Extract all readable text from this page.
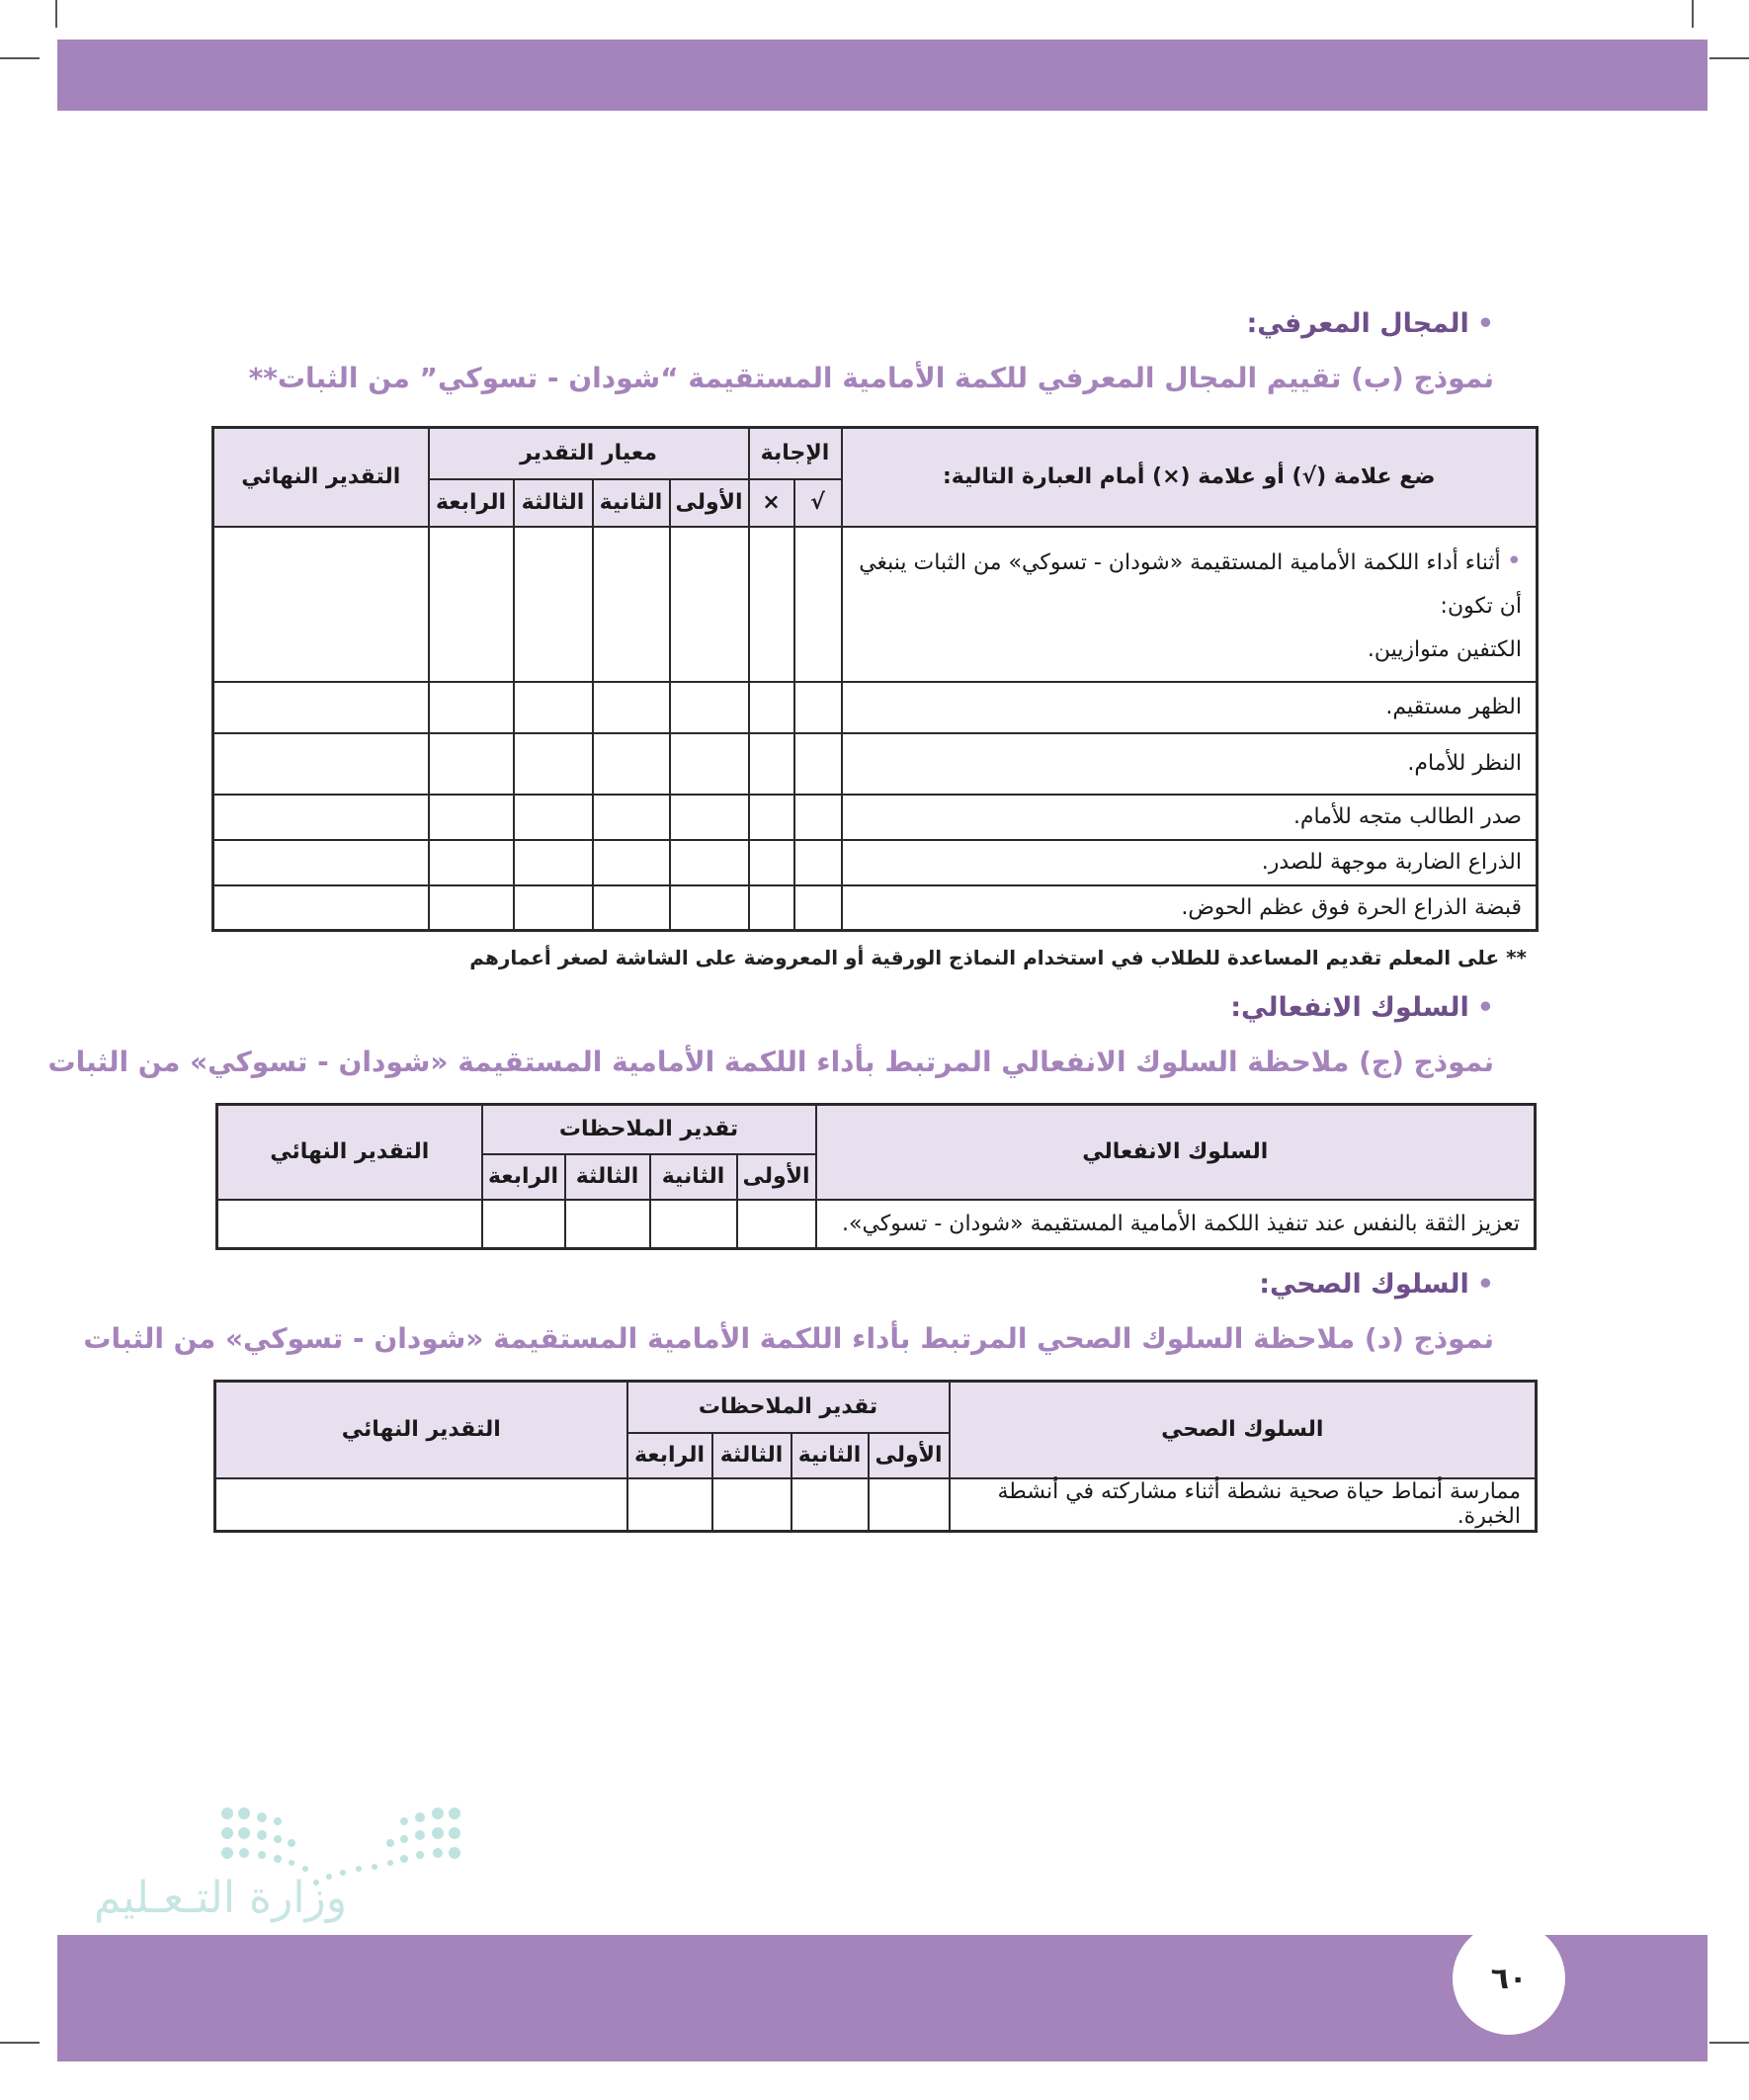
٦٠
•المجال المعرفي:
نموذج (ب) تقييم المجال المعرفي للكمة الأمامية المستقيمة “شودان - تسوكي” من الثبات**
ضع علامة (√) أو علامة (×) أمام العبارة التالية:	الإجابة		معيار التقدير				التقدير النهائي
	√	×	الأولى	الثانية	الثالثة	الرابعة	

•أثناء أداء اللكمة الأمامية المستقيمة «شودان - تسوكي» من الثبات ينبغي
أن تكون:
الكتفين متوازيين.							

الظهر مستقيم.							
النظر للأمام.							
صدر الطالب متجه للأمام.							
الذراع الضاربة موجهة للصدر.							
قبضة الذراع الحرة فوق عظم الحوض.							
** على المعلم تقديم المساعدة للطلاب في استخدام النماذج الورقية أو المعروضة على الشاشة لصغر أعمارهم
•السلوك الانفعالي:
نموذج (ج) ملاحظة السلوك الانفعالي المرتبط بأداء اللكمة الأمامية المستقيمة «شودان - تسوكي» من الثبات
السلوك الانفعالي	تقدير الملاحظات				التقدير النهائي
	الأولى	الثانية	الثالثة	الرابعة	
تعزيز الثقة بالنفس عند تنفيذ اللكمة الأمامية المستقيمة «شودان - تسوكي».					
•السلوك الصحي:
نموذج (د) ملاحظة السلوك الصحي المرتبط بأداء اللكمة الأمامية المستقيمة «شودان - تسوكي» من الثبات
السلوك الصحي	تقدير الملاحظات				التقدير النهائي
	الأولى	الثانية	الثالثة	الرابعة	
ممارسة أنماط حياة صحية نشطة أثناء مشاركته في أنشطة الخبرة.					
وزارة التـعـليم
